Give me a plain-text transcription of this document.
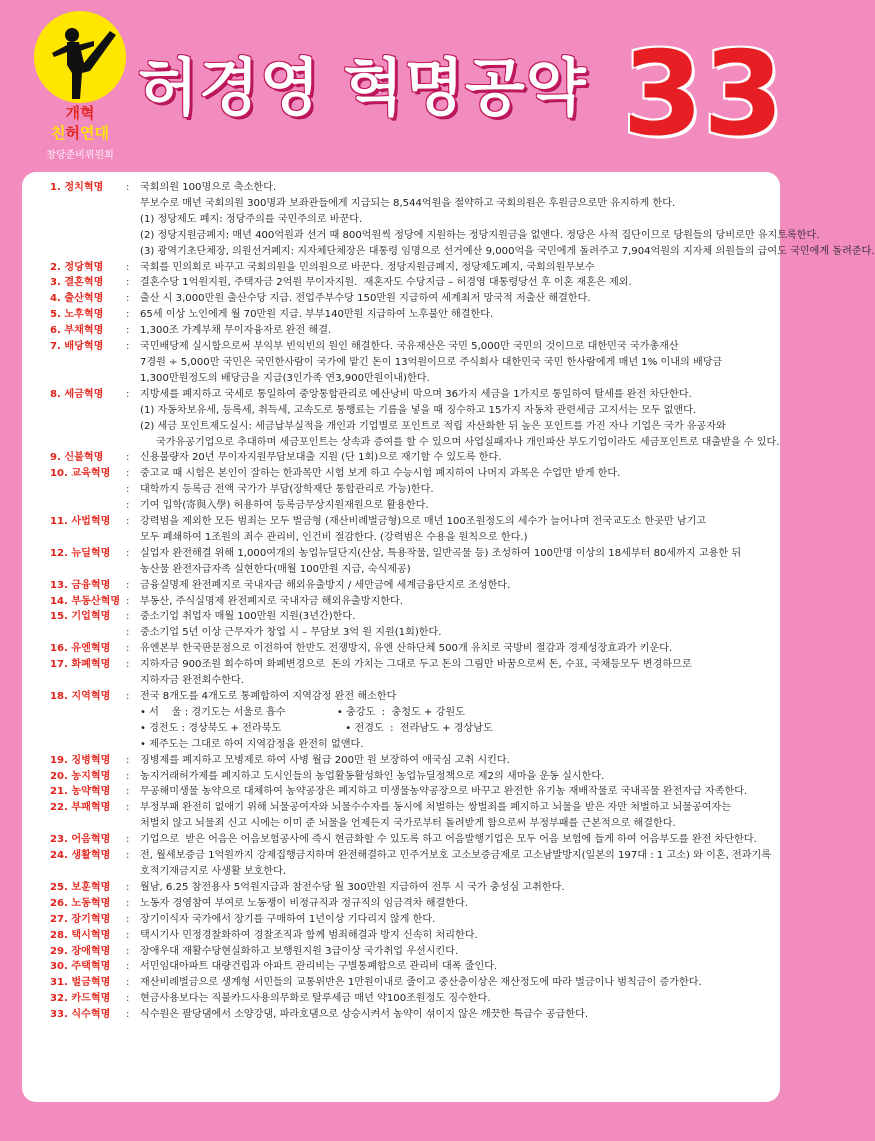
개혁
친허연대
창당준비위원회
허경영 혁명공약 33
1. 정치혁명	:	국회의원 100명으로 축소한다.
무보수로 매년 국회의원 300명과 보좌관들에게 지급되는 8,544억원을 절약하고 국회의원은 후원금으로만 유지하게 한다.
(1) 정당제도 폐지: 정당주의를 국민주의로 바꾼다.
(2) 정당지원금폐지: 매년 400억원과 선거 때 800억원씩 정당에 지원하는 정당지원금을 없앤다. 정당은 사적 집단이므로 당원들의 당비로만 유지토록한다.
(3) 광역기초단체장, 의원선거폐지: 지자체단체장은 대통령 임명으로 선거예산 9,000억을 국민에게 돌려주고 7,904억원의 지자체 의원들의 급여도 국민에게 돌려준다.
2. 정당혁명	:	국회를 민의회로 바꾸고 국회의원을 민의원으로 바꾼다. 정당지원금폐지, 정당제도폐지, 국회의원무보수
3. 결혼혁명	:	결혼수당 1억원지원, 주택자금 2억원 무이자지원.  재혼자도 수당지급 – 허경영 대통령당선 후 이혼 재혼은 제외.
4. 출산혁명	:	출산 시 3,000만원 출산수당 지급. 전업주부수당 150만원 지급하여 세계최저 망국적 저출산 해결한다.
5. 노후혁명	:	65세 이상 노인에게 월 70만원 지급. 부부140만원 지급하여 노후불안 해결한다.
6. 부채혁명	:	1,300조 가계부채 무이자융자로 완전 해결.
7. 배당혁명	:	국민배당제 실시함으로써 부익부 빈익빈의 원인 해결한다. 국유재산은 국민 5,000만 국민의 것이므로 대한민국 국가총재산
7경원 ÷ 5,000만 국민은 국민한사람이 국가에 맡긴 돈이 13억원이므로 주식회사 대한민국 국민 한사람에게 매년 1% 이내의 배당금
1,300만원정도의 배당금을 지급(3인가족 연3,900만원이내)한다.
8. 세금혁명	:	지방세를 폐지하고 국세로 통일하여 중앙통합관리로 예산낭비 막으며 36가지 세금을 1가지로 통일하여 탈세를 완전 차단한다.
(1) 자동차보유세, 등록세, 취득세, 고속도로 통행료는 기름을 넣을 때 징수하고 15가지 자동차 관련세금 고지서는 모두 없앤다.
(2) 세금 포인트제도실시: 세금납부실적을 개인과 기업별로 포인트로 적립 자산화한 뒤 높은 포인트를 가진 자나 기업은 국가 유공자와
국가유공기업으로 추대하며 세금포인트는 상속과 증여를 할 수 있으며 사업실패자나 개인파산 부도기업이라도 세금포인트로 대출받을 수 있다.
9. 신불혁명	:	신용불량자 20년 무이자지원무담보대출 지원 (단 1회)으로 재기할 수 있도록 한다.
10. 교육혁명	:	중고교 때 시험은 본인이 잘하는 한과목만 시험 보게 하고 수능시험 폐지하여 나머지 과목은 수업만 받게 한다.
:	대학까지 등록금 전액 국가가 부담(장학재단 통합관리로 가능)한다.
:	기여 입학(寄與入學) 허용하여 등록금무상지원재원으로 활용한다.
11. 사법혁명	:	강력범을 제외한 모든 범죄는 모두 벌금형 (재산비례벌금형)으로 매년 100조원정도의 세수가 늘어나며 전국교도소 한곳만 남기고
모두 폐쇄하여 1조원의 죄수 관리비, 인건비 절감한다. (강력범은 수용을 원칙으로 한다.)
12. 뉴딜혁명	:	실업자 완전해결 위해 1,000여개의 농업뉴딜단지(산삼, 특용작물, 일반곡물 등) 조성하여 100만명 이상의 18세부터 80세까지 고용한 뒤
농산물 완전자급자족 실현한다(매월 100만원 지급, 숙식제공)
13. 금융혁명	:	금융실명제 완전폐지로 국내자금 해외유출방지 / 세만금에 세계금융단지로 조성한다.
14. 부동산혁명 :	부동산, 주식실명제 완전폐지로 국내자금 해외유출방지한다.
15. 기업혁명	:	중소기업 취업자 매월 100만원 지원(3년간)한다.
:	중소기업 5년 이상 근무자가 창업 시 – 무담보 3억 원 지원(1회)한다.
16. 유엔혁명	:	유엔본부 한국판문점으로 이전하여 한반도 전쟁방지, 유엔 산하단체 500개 유치로 국방비 절감과 경제성장효과가 키운다.
17. 화폐혁명	:	지하자금 900조원 회수하며 화폐변경으로  돈의 가치는 그대로 두고 돈의 그림만 바꿈으로써 돈, 수표, 국채등모두 변경하므로
지하자금 완전회수한다.
18. 지역혁명	:	전국 8개도를 4개도로 통폐합하여 지역감정 완전 해소한다
• 서    울 : 경기도는 서울로 흡수                • 충강도  :  충청도 + 강원도
• 경전도 : 경상북도 + 전라북도                    • 전경도  :  전라남도 + 경상남도
• 제주도는 그대로 하여 지역감정을 완전히 없앤다.
19. 징병혁명	:	징병제를 폐지하고 모병제로 하여 사병 월급 200만 원 보장하여 애국심 고취 시킨다.
20. 농지혁명	:	농지거래허가제를 폐지하고 도시인들의 농업활동활성화인 농업뉴딜정책으로 제2의 새마을 운동 실시한다.
21. 농약혁명	:	무공해미생물 농약으로 대체하여 농약공장은 폐지하고 미생물농약공장으로 바꾸고 완전한 유기농 재배작물로 국내곡물 완전자급 자족한다.
22. 부패혁명	:	부정부패 완전히 없애기 위해 뇌물공여자와 뇌물수수자를 동시에 처벌하는 쌍벌죄를 폐지하고 뇌물을 받은 자만 처벌하고 뇌물공여자는
처벌치 않고 뇌물죄 신고 시에는 이미 준 뇌물을 언제든지 국가로부터 돌려받게 함으로써 부정부패를 근본적으로 해결한다.
23. 어음혁명	:	기업으로  받은 어음은 어음보험공사에 즉시 현금화할 수 있도록 하고 어음발행기업은 모두 어음 보험에 들게 하여 어음부도를 완전 차단한다.
24. 생활혁명	:	전, 월세보증금 1억원까지 강제집행금지하며 완전해결하고 민주거보호 고소보증금제로 고소남발방지(일본의 197대 : 1 고소) 와 이혼, 전과기록
호적기재금지로 사생활 보호한다.
25. 보훈혁명	:	월남, 6.25 참전용사 5억원지급과 참전수당 월 300만원 지급하여 전투 시 국가 충성심 고취한다.
26. 노동혁명	:	노동자 경영참여 부여로 노동쟁이 비정규직과 정규직의 임금격차 해결한다.
27. 장기혁명	:	장기이식자 국가에서 장기를 구매하여 1년이상 기다리지 않게 한다.
28. 택시혁명	:	택시기사 민정경찰화하여 경찰조직과 함께 범죄해결과 방지 신속히 처리한다.
29. 장애혁명	:	장애우대 재활수당현실화하고 보행원지원 3급이상 국가취업 우선시킨다.
30. 주택혁명	:	서민임대아파트 대량건립과 아파트 관리비는 구별통폐합으로 관리비 대폭 줄인다.
31. 벌금혁명	:	재산비례벌금으로 생계형 서민들의 교통위반은 1만원이내로 줄이고 중산층이상은 재산정도에 따라 벌금이나 범칙금이 증가한다.
32. 카드혁명	:	현금사용보다는 직불카드사용의무화로 탈루세금 매년 약100조원정도 징수한다.
33. 식수혁명	:	식수원은 팔당댐에서 소양강댐, 파라호댐으로 상승시켜서 농약이 섞이지 않은 깨끗한 특급수 공급한다.
